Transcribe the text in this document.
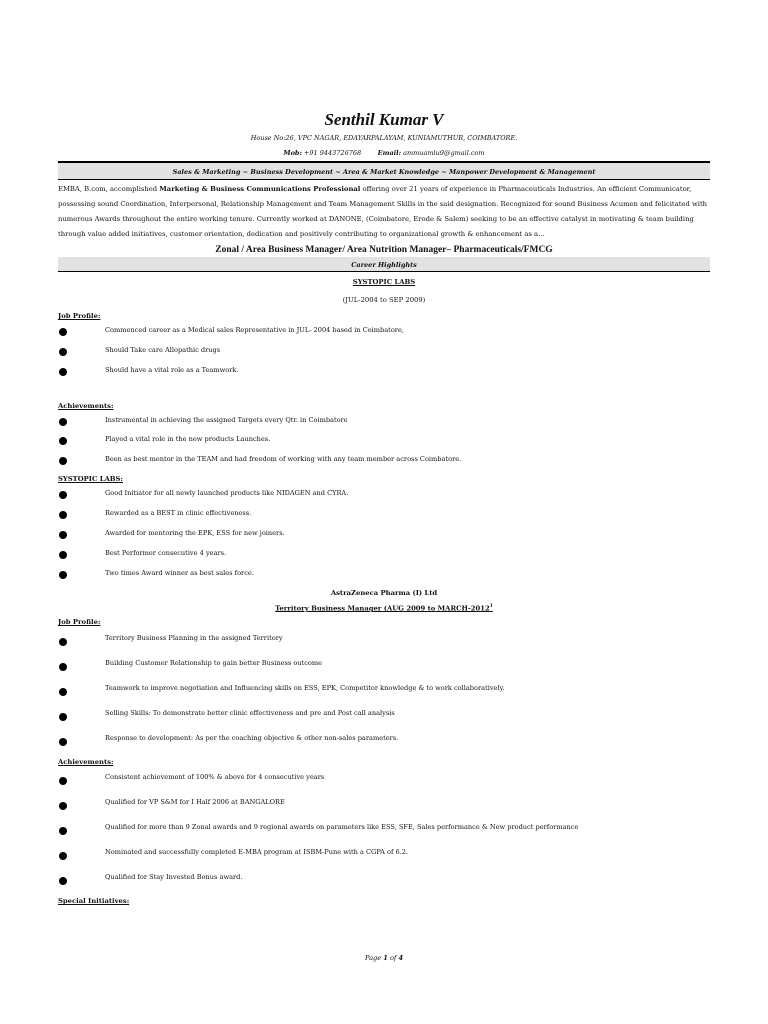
Senthil Kumar V
House No:26, VPC NAGAR, EDAYARPALAYAM, KUNIAMUTHUR, COIMBATORE.
Mob: +91 9443726768	Email: ammuamlu9@gmail.com
Sales & Marketing ~ Business Development ~ Area & Market Knowledge ~ Manpower Development & Management
EMBA, B.com, accomplished Marketing & Business Communications Professional offering over 21 years of experience in Pharmaceuticals Industries. An efficient Communicator, possessing sound Coordination, Interpersonal, Relationship Management and Team Management Skills in the said designation. Recognized for sound Business Acumen and felicitated with numerous Awards throughout the entire working tenure. Currently worked at DANONE, (Coimbatore, Erode & Salem) seeking to be an effective catalyst in motivating & team building through value added initiatives, customer orientation, dedication and positively contributing to organizational growth & enhancement as a...
Zonal / Area Business Manager/ Area Nutrition Manager– Pharmaceuticals/FMCG
Career Highlights
SYSTOPIC LABS
(JUL-2004 to SEP 2009)
Job Profile:
Commenced career as a Medical sales Representative in JUL- 2004 based in Coimbatore,
Should Take care Allopathic drugs
Should have a vital role as a Teamwork.
Achievements:
Instrumental in achieving the assigned Targets every Qtr. in Coimbatore
Played a vital role in the new products Launches.
Been as best mentor in the TEAM and had freedom of working with any team member across Coimbatore.
SYSTOPIC LABS:
Good Initiator for all newly launched products like NIDAGEN and CYRA.
Rewarded as a BEST in clinic effectiveness.
Awarded for mentoring the EPK, ESS for new joiners.
Best Performer consecutive 4 years.
Two times Award winner as best sales force.
AstraZeneca Pharma (I) Ltd
Territory Business Manager (AUG 2009 to MARCH-2012$^1$
Job Profile:
Territory Business Planning in the assigned Territory
Building Customer Relationship to gain better Business outcome
Teamwork to improve negotiation and Influencing skills on ESS, EPK, Competitor knowledge & to work collaboratively.
Selling Skills: To demonstrate better clinic effectiveness and pre and Post call analysis
Response to development: As per the coaching objective & other non-sales parameters.
Achievements:
Consistent achievement of 100% & above for 4 consecutive years
Qualified for VP S&M for I Half 2006 at BANGALORE
Qualified for more than 9 Zonal awards and 9 regional awards on parameters like ESS, SFE, Sales performance & New product performance
Nominated and successfully completed E-MBA program at ISBM-Pune with a CGPA of 6.2.
Qualified for Stay Invested Bonus award.
Special Initiatives:
Page 1 of 4
